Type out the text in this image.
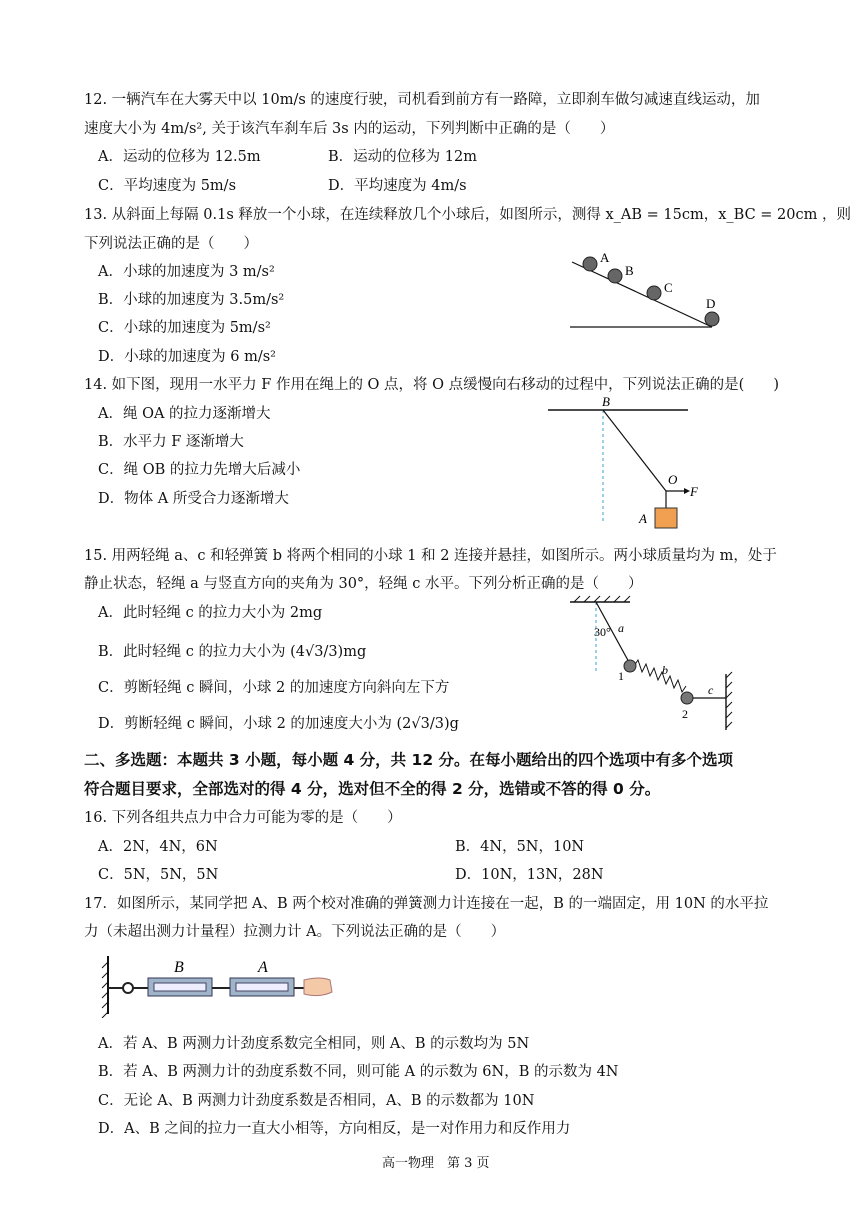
12. 一辆汽车在大雾天中以 10m/s 的速度行驶，司机看到前方有一路障，立即刹车做匀减速直线运动，加
速度大小为 4m/s², 关于该汽车刹车后 3s 内的运动，下列判断中正确的是（　　）
A．运动的位移为 12.5m	B．运动的位移为 12m
C．平均速度为 5m/s	D．平均速度为 4m/s
13. 从斜面上每隔 0.1s 释放一个小球，在连续释放几个小球后，如图所示，测得 x_AB = 15cm，x_BC = 20cm ，则
下列说法正确的是（　　）
A．小球的加速度为 3 m/s²
B．小球的加速度为 3.5m/s²
C．小球的加速度为 5m/s²
D．小球的加速度为 6 m/s²
A
B
C
D
14. 如下图，现用一水平力 F 作用在绳上的 O 点，将 O 点缓慢向右移动的过程中，下列说法正确的是(　　)
A．绳 OA 的拉力逐渐增大
B．水平力 F 逐渐增大
C．绳 OB 的拉力先增大后减小
D．物体 A 所受合力逐渐增大
B
O
F
A
15. 用两轻绳 a、c 和轻弹簧 b 将两个相同的小球 1 和 2 连接并悬挂，如图所示。两小球质量均为 m，处于
静止状态，轻绳 a 与竖直方向的夹角为 30°，轻绳 c 水平。下列分析正确的是（　　）
A．此时轻绳 c 的拉力大小为 2mg
B．此时轻绳 c 的拉力大小为 (4√3/3)mg
C．剪断轻绳 c 瞬间，小球 2 的加速度方向斜向左下方
D．剪断轻绳 c 瞬间，小球 2 的加速度大小为 (2√3/3)g
30° a
b
c
1
2
二、多选题：本题共 3 小题，每小题 4 分，共 12 分。在每小题给出的四个选项中有多个选项
符合题目要求，全部选对的得 4 分，选对但不全的得 2 分，选错或不答的得 0 分。
16. 下列各组共点力中合力可能为零的是（　　）
A．2N，4N，6N	B．4N，5N，10N
C．5N，5N，5N	D．10N，13N，28N
17．如图所示，某同学把 A、B 两个校对准确的弹簧测力计连接在一起，B 的一端固定，用 10N 的水平拉
力（未超出测力计量程）拉测力计 A。下列说法正确的是（　　）
B	A
A．若 A、B 两测力计劲度系数完全相同，则 A、B 的示数均为 5N
B．若 A、B 两测力计的劲度系数不同，则可能 A 的示数为 6N，B 的示数为 4N
C．无论 A、B 两测力计劲度系数是否相同，A、B 的示数都为 10N
D．A、B 之间的拉力一直大小相等，方向相反，是一对作用力和反作用力
高一物理　第 3 页
